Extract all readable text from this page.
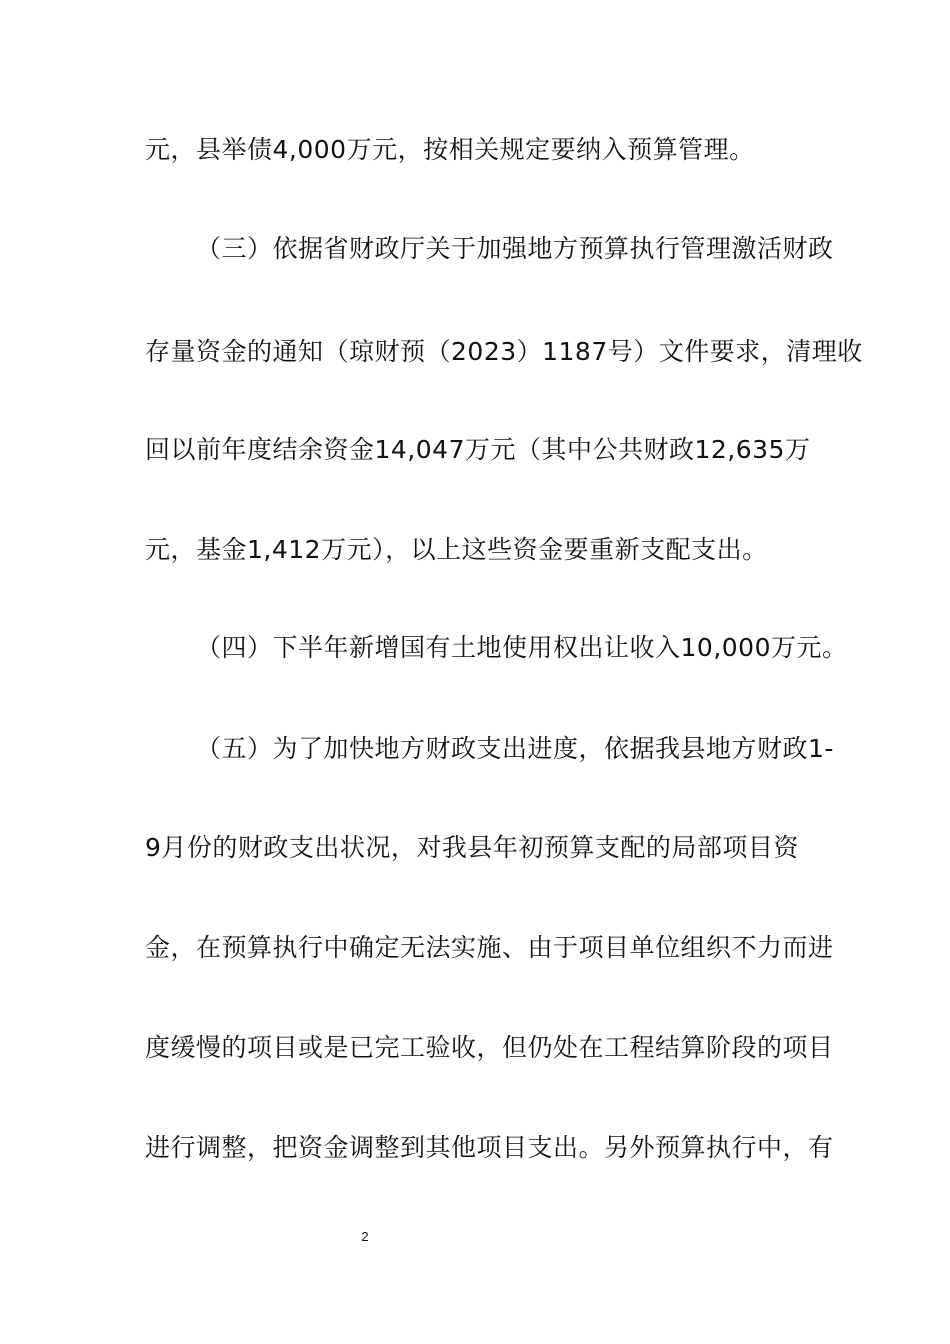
元，县举债4,000万元，按相关规定要纳入预算管理。
（三）依据省财政厅关于加强地方预算执行管理激活财政
存量资金的通知（琼财预（2023）1187号）文件要求，清理收
回以前年度结余资金14,047万元（其中公共财政12,635万
元，基金1,412万元），以上这些资金要重新支配支出。
（四）下半年新增国有土地使用权出让收入10,000万元。
（五）为了加快地方财政支出进度，依据我县地方财政1-
9月份的财政支出状况，对我县年初预算支配的局部项目资
金，在预算执行中确定无法实施、由于项目单位组织不力而进
度缓慢的项目或是已完工验收，但仍处在工程结算阶段的项目
进行调整，把资金调整到其他项目支出。另外预算执行中，有
2
